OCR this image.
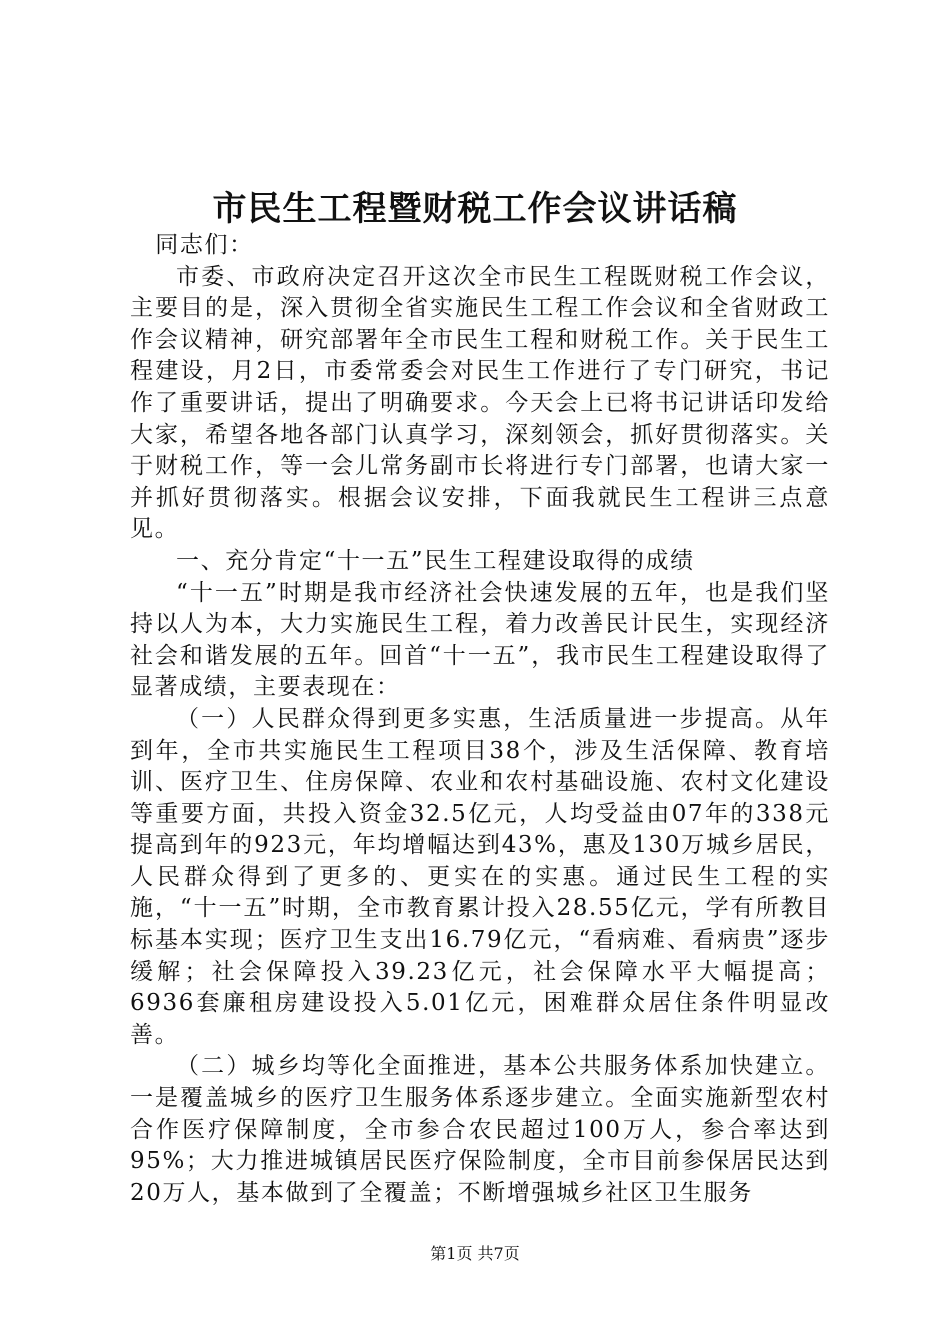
市民生工程暨财税工作会议讲话稿

同志们：

市委、市政府决定召开这次全市民生工程既财税工作会议，主要目的是，深入贯彻全省实施民生工程工作会议和全省财政工作会议精神，研究部署年全市民生工程和财税工作。关于民生工程建设，月2日，市委常委会对民生工作进行了专门研究，书记作了重要讲话，提出了明确要求。今天会上已将书记讲话印发给大家，希望各地各部门认真学习，深刻领会，抓好贯彻落实。关于财税工作，等一会儿常务副市长将进行专门部署，也请大家一并抓好贯彻落实。根据会议安排，下面我就民生工程讲三点意见。

一、充分肯定“十一五”民生工程建设取得的成绩

“十一五”时期是我市经济社会快速发展的五年，也是我们坚持以人为本，大力实施民生工程，着力改善民计民生，实现经济社会和谐发展的五年。回首“十一五”，我市民生工程建设取得了显著成绩，主要表现在：

（一）人民群众得到更多实惠，生活质量进一步提高。从年到年，全市共实施民生工程项目38个，涉及生活保障、教育培训、医疗卫生、住房保障、农业和农村基础设施、农村文化建设等重要方面，共投入资金32.5亿元，人均受益由07年的338元提高到年的923元，年均增幅达到43%，惠及130万城乡居民，人民群众得到了更多的、更实在的实惠。通过民生工程的实施，“十一五”时期，全市教育累计投入28.55亿元，学有所教目标基本实现；医疗卫生支出16.79亿元，“看病难、看病贵”逐步缓解；社会保障投入39.23亿元，社会保障水平大幅提高；6936套廉租房建设投入5.01亿元，困难群众居住条件明显改善。

（二）城乡均等化全面推进，基本公共服务体系加快建立。一是覆盖城乡的医疗卫生服务体系逐步建立。全面实施新型农村合作医疗保障制度，全市参合农民超过100万人，参合率达到95%；大力推进城镇居民医疗保险制度，全市目前参保居民达到20万人，基本做到了全覆盖；不断增强城乡社区卫生服务

第1页 共7页
